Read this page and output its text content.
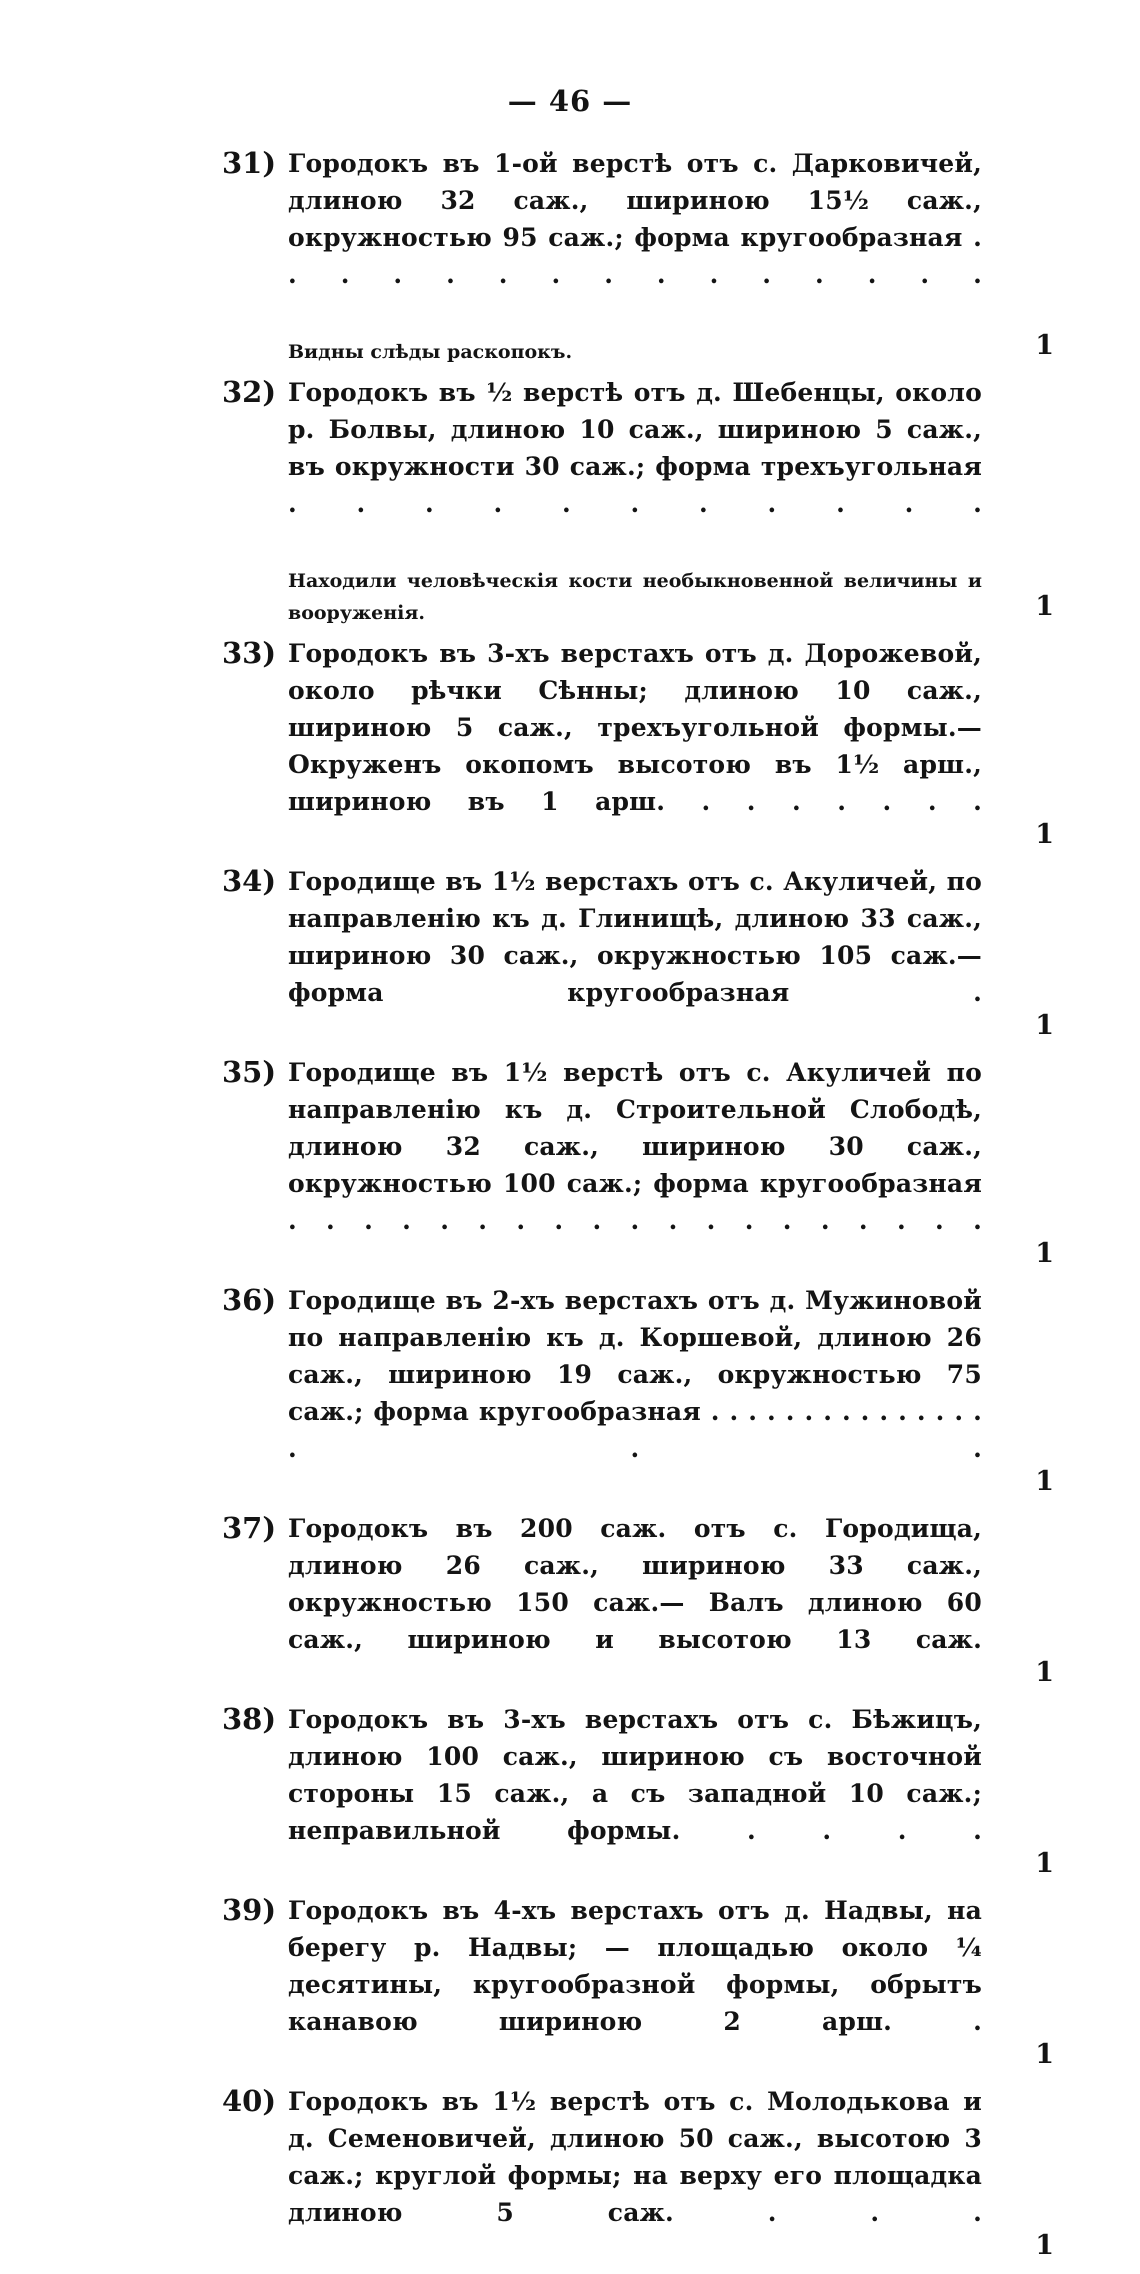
— 46 —
31) Городокъ въ 1-ой верстѣ отъ с. Дарковичей, длиною 32 саж., шириною 15½ саж., окружностью 95 саж.; форма кругообразная . . . . . . . . . . . . . . .
1
Видны слѣды раскопокъ.
32) Городокъ въ ½ верстѣ отъ д. Шебенцы, около р. Болвы, длиною 10 саж., шириною 5 саж., въ окружности 30 саж.; форма трехъугольная . . . . . . . . . . .
1
Находили человѣческія кости необыкновенной величины и вооруженія.
33) Городокъ въ 3-хъ верстахъ отъ д. Дорожевой, около рѣчки Сѣнны; длиною 10 саж., шириною 5 саж., трехъугольной формы.—Окруженъ окопомъ высотою въ 1½ арш., шириною въ 1 арш. . . . . . . .
1
34) Городище въ 1½ верстахъ отъ с. Акуличей, по направленію къ д. Глинищѣ, длиною 33 саж., шириною 30 саж., окружностью 105 саж.—форма кругообразная .
1
35) Городище въ 1½ верстѣ отъ с. Акуличей по направленію къ д. Строительной Слободѣ, длиною 32 саж., шириною 30 саж., окружностью 100 саж.; форма кругообразная . . . . . . . . . . . . . . . . . . .
1
36) Городище въ 2-хъ верстахъ отъ д. Мужиновой по направленію къ д. Коршевой, длиною 26 саж., шириною 19 саж., окружностью 75 саж.; форма кругообразная . . . . . . . . . . . . . . . . . .
1
37) Городокъ въ 200 саж. отъ с. Городища, длиною 26 саж., шириною 33 саж., окружностью 150 саж.— Валъ длиною 60 саж., шириною и высотою 13 саж.
1
38) Городокъ въ 3-хъ верстахъ отъ с. Бѣжицъ, длиною 100 саж., шириною съ восточной стороны 15 саж., а съ западной 10 саж.; неправильной формы. . . . .
1
39) Городокъ въ 4-хъ верстахъ отъ д. Надвы, на берегу р. Надвы; — площадью около ¼ десятины, кругообразной формы, обрытъ канавою шириною 2 арш. .
1
40) Городокъ въ 1½ верстѣ отъ с. Молодькова и д. Семеновичей, длиною 50 саж., высотою 3 саж.; круглой формы; на верху его площадка длиною 5 саж. . . .
1
